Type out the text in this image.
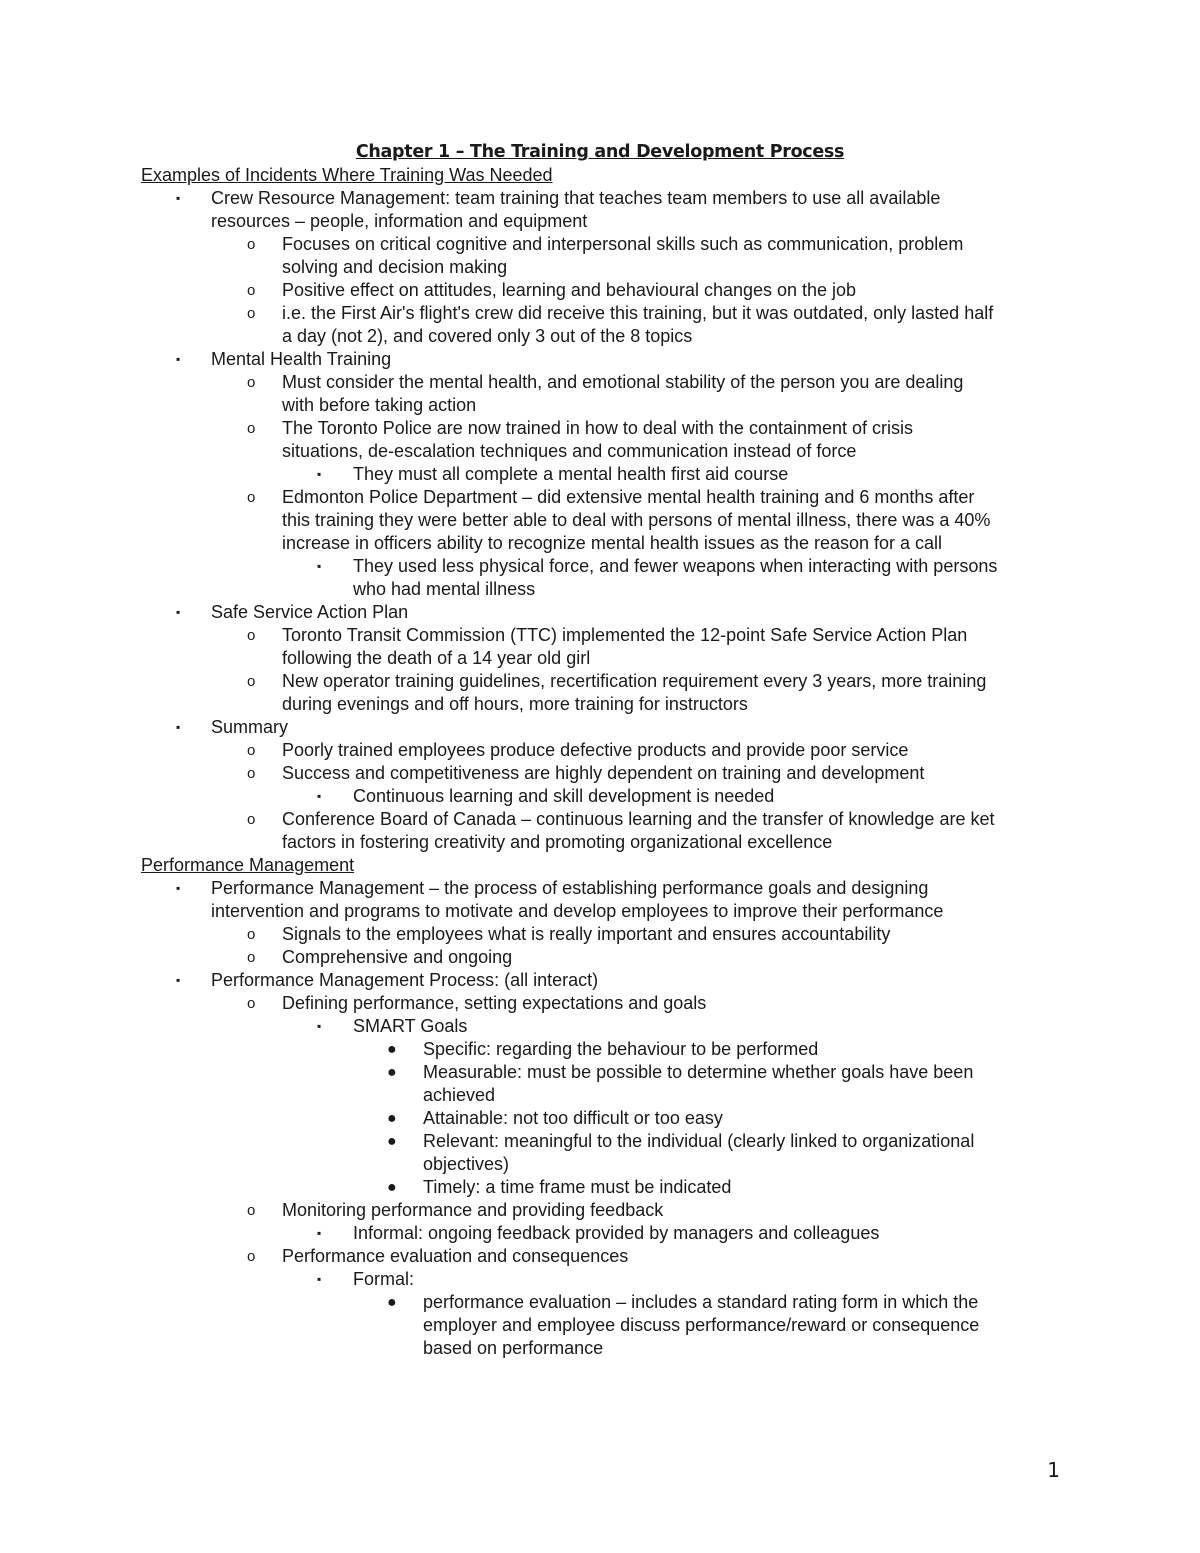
Chapter 1 – The Training and Development Process
Examples of Incidents Where Training Was Needed
▪ Crew Resource Management: team training that teaches team members to use all available
resources – people, information and equipment
o Focuses on critical cognitive and interpersonal skills such as communication, problem
solving and decision making
o Positive effect on attitudes, learning and behavioural changes on the job
o i.e. the First Air's flight's crew did receive this training, but it was outdated, only lasted half
a day (not 2), and covered only 3 out of the 8 topics
▪ Mental Health Training
o Must consider the mental health, and emotional stability of the person you are dealing
with before taking action
o The Toronto Police are now trained in how to deal with the containment of crisis
situations, de-escalation techniques and communication instead of force
▪ They must all complete a mental health first aid course
o Edmonton Police Department – did extensive mental health training and 6 months after
this training they were better able to deal with persons of mental illness, there was a 40%
increase in officers ability to recognize mental health issues as the reason for a call
▪ They used less physical force, and fewer weapons when interacting with persons
who had mental illness
▪ Safe Service Action Plan
o Toronto Transit Commission (TTC) implemented the 12-point Safe Service Action Plan
following the death of a 14 year old girl
o New operator training guidelines, recertification requirement every 3 years, more training
during evenings and off hours, more training for instructors
▪ Summary
o Poorly trained employees produce defective products and provide poor service
o Success and competitiveness are highly dependent on training and development
▪ Continuous learning and skill development is needed
o Conference Board of Canada – continuous learning and the transfer of knowledge are ket
factors in fostering creativity and promoting organizational excellence
Performance Management
▪ Performance Management – the process of establishing performance goals and designing
intervention and programs to motivate and develop employees to improve their performance
o Signals to the employees what is really important and ensures accountability
o Comprehensive and ongoing
▪ Performance Management Process: (all interact)
o Defining performance, setting expectations and goals
▪ SMART Goals
● Specific: regarding the behaviour to be performed
● Measurable: must be possible to determine whether goals have been
achieved
● Attainable: not too difficult or too easy
● Relevant: meaningful to the individual (clearly linked to organizational
objectives)
● Timely: a time frame must be indicated
o Monitoring performance and providing feedback
▪ Informal: ongoing feedback provided by managers and colleagues
o Performance evaluation and consequences
▪ Formal:
● performance evaluation – includes a standard rating form in which the
employer and employee discuss performance/reward or consequence
based on performance
1
